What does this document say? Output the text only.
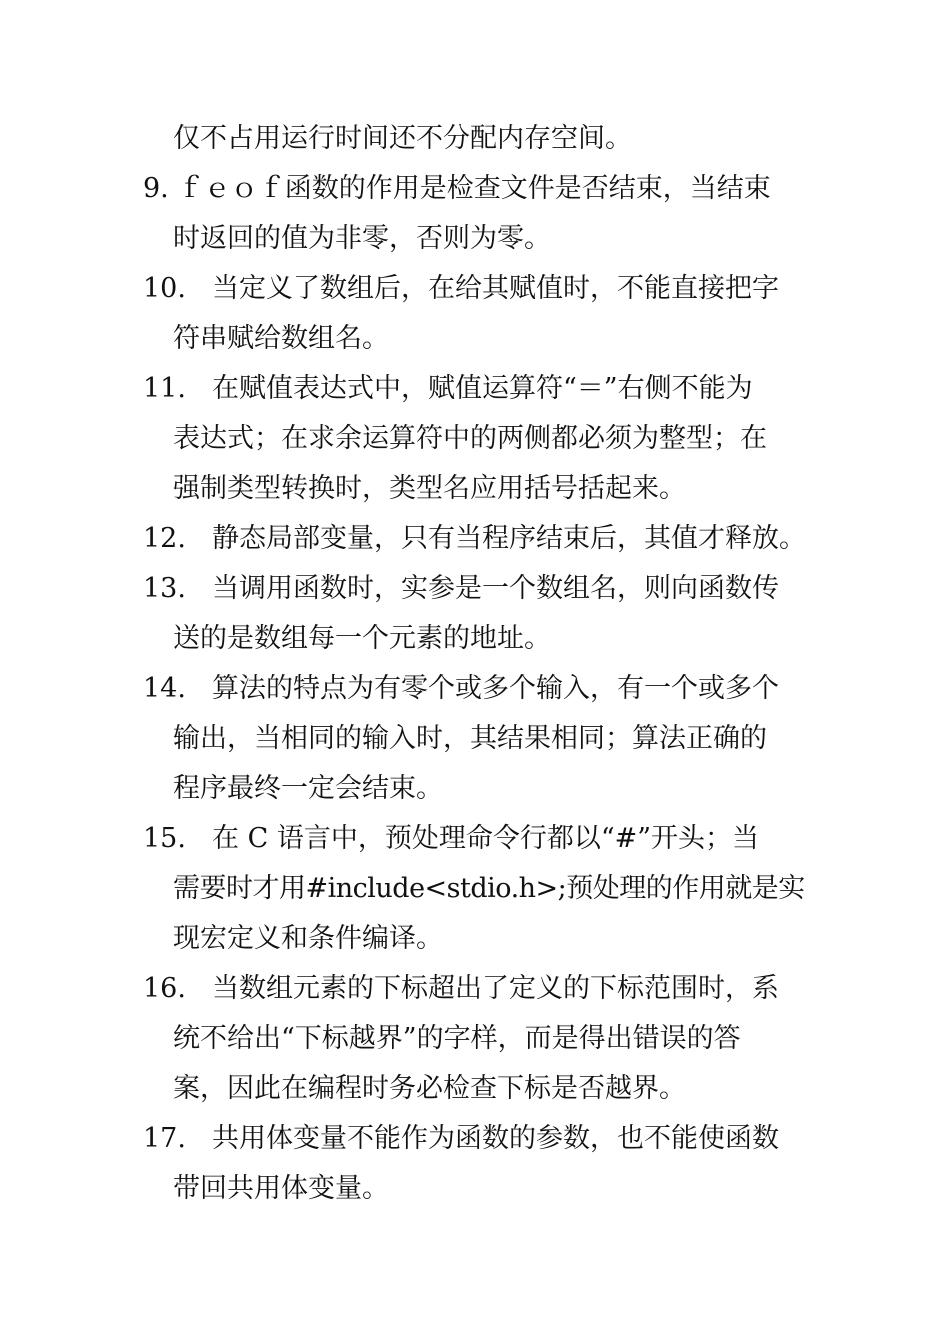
仅不占用运行时间还不分配内存空间。
9. ｆｅｏｆ函数的作用是检查文件是否结束，当结束
时返回的值为非零，否则为零。
10. 当定义了数组后，在给其赋值时，不能直接把字
符串赋给数组名。
11. 在赋值表达式中，赋值运算符“＝”右侧不能为
表达式；在求余运算符中的两侧都必须为整型；在
强制类型转换时，类型名应用括号括起来。
12. 静态局部变量，只有当程序结束后，其值才释放。
13. 当调用函数时，实参是一个数组名，则向函数传
送的是数组每一个元素的地址。
14. 算法的特点为有零个或多个输入，有一个或多个
输出，当相同的输入时，其结果相同；算法正确的
程序最终一定会结束。
15. 在 C 语言中，预处理命令行都以“#”开头；当
需要时才用#include<stdio.h>;预处理的作用就是实
现宏定义和条件编译。
16. 当数组元素的下标超出了定义的下标范围时，系
统不给出“下标越界”的字样，而是得出错误的答
案，因此在编程时务必检查下标是否越界。
17. 共用体变量不能作为函数的参数，也不能使函数
带回共用体变量。
